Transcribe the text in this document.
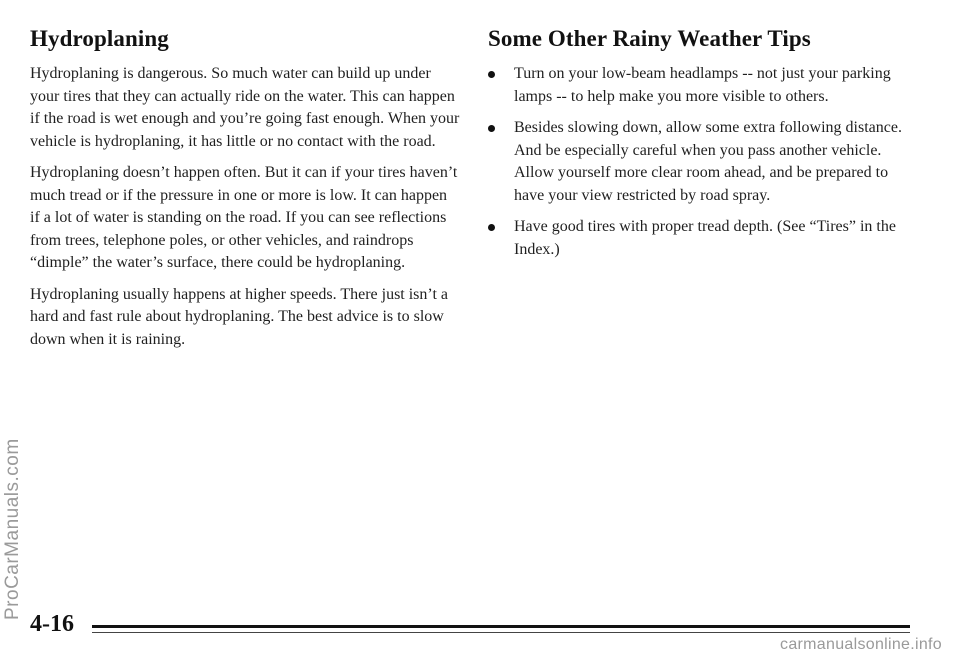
Hydroplaning

Hydroplaning is dangerous. So much water can build up under your tires that they can actually ride on the water. This can happen if the road is wet enough and you’re going fast enough. When your vehicle is hydroplaning, it has little or no contact with the road.

Hydroplaning doesn’t happen often. But it can if your tires haven’t much tread or if the pressure in one or more is low. It can happen if a lot of water is standing on the road. If you can see reflections from trees, telephone poles, or other vehicles, and raindrops “dimple” the water’s surface, there could be hydroplaning.

Hydroplaning usually happens at higher speeds. There just isn’t a hard and fast rule about hydroplaning. The best advice is to slow down when it is raining.

Some Other Rainy Weather Tips
Turn on your low-beam headlamps -- not just your parking lamps -- to help make you more visible to others.
Besides slowing down, allow some extra following distance. And be especially careful when you pass another vehicle. Allow yourself more clear room ahead, and be prepared to have your view restricted by road spray.
Have good tires with proper tread depth. (See “Tires” in the Index.)
4-16
ProCarManuals.com
carmanualsonline.info
